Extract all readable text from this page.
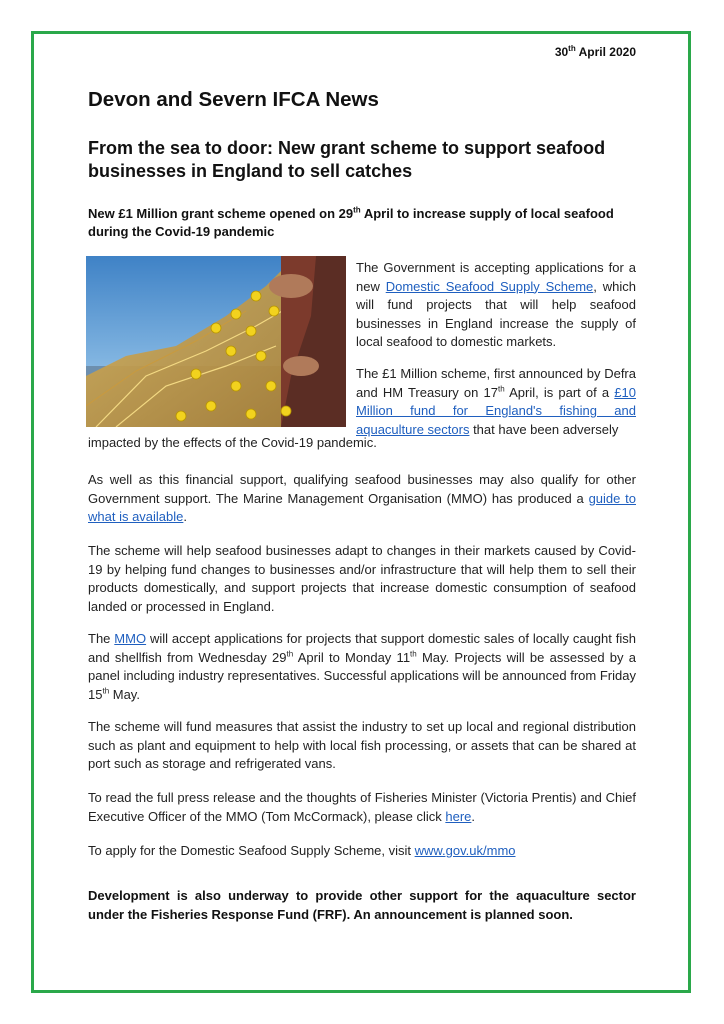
30th April 2020
Devon and Severn IFCA News
From the sea to door: New grant scheme to support seafood businesses in England to sell catches

New £1 Million grant scheme opened on 29th April to increase supply of local seafood during the Covid-19 pandemic

The Government is accepting applications for a new Domestic Seafood Supply Scheme, which will fund projects that will help seafood businesses in England increase the supply of local seafood to domestic markets.

The £1 Million scheme, first announced by Defra and HM Treasury on 17th April, is part of a £10 Million fund for England's fishing and aquaculture sectors that have been adversely

impacted by the effects of the Covid-19 pandemic.

As well as this financial support, qualifying seafood businesses may also qualify for other Government support. The Marine Management Organisation (MMO) has produced a guide to what is available.

The scheme will help seafood businesses adapt to changes in their markets caused by Covid-19 by helping fund changes to businesses and/or infrastructure that will help them to sell their products domestically, and support projects that increase domestic consumption of seafood landed or processed in England.

The MMO will accept applications for projects that support domestic sales of locally caught fish and shellfish from Wednesday 29th April to Monday 11th May. Projects will be assessed by a panel including industry representatives. Successful applications will be announced from Friday 15th May.

The scheme will fund measures that assist the industry to set up local and regional distribution such as plant and equipment to help with local fish processing, or assets that can be shared at port such as storage and refrigerated vans.

To read the full press release and the thoughts of Fisheries Minister (Victoria Prentis) and Chief Executive Officer of the MMO (Tom McCormack), please click here.

To apply for the Domestic Seafood Supply Scheme, visit www.gov.uk/mmo

Development is also underway to provide other support for the aquaculture sector under the Fisheries Response Fund (FRF). An announcement is planned soon.
